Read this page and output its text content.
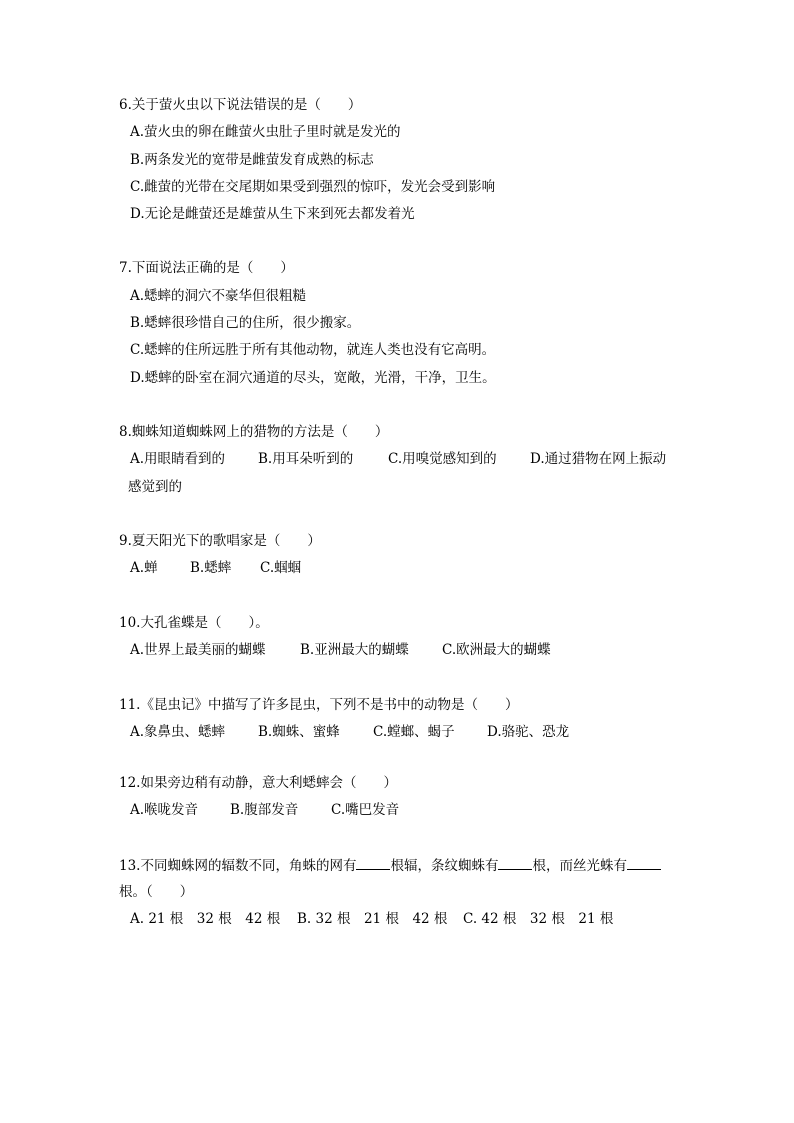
6.关于萤火虫以下说法错误的是（　　）
A.萤火虫的卵在雌萤火虫肚子里时就是发光的
B.两条发光的宽带是雌萤发育成熟的标志
C.雌萤的光带在交尾期如果受到强烈的惊吓，发光会受到影响
D.无论是雌萤还是雄萤从生下来到死去都发着光
7.下面说法正确的是（　　）
A.蟋蟀的洞穴不豪华但很粗糙
B.蟋蟀很珍惜自己的住所，很少搬家。
C.蟋蟀的住所远胜于所有其他动物，就连人类也没有它高明。
D.蟋蟀的卧室在洞穴通道的尽头，宽敞，光滑，干净，卫生。
8.蜘蛛知道蜘蛛网上的猎物的方法是（　　）
A.用眼睛看到的 B.用耳朵听到的	C.用嗅觉感知到的 D.通过猎物在网上振动
感觉到的
9.夏天阳光下的歌唱家是（　　）
A.蝉 B.蟋蟀 C.蝈蝈
10.大孔雀蝶是（　　）。
A.世界上最美丽的蝴蝶	B.亚洲最大的蝴蝶 C.欧洲最大的蝴蝶
11.《昆虫记》中描写了许多昆虫，下列不是书中的动物是（　　）
A.象鼻虫、蟋蟀 B.蜘蛛、蜜蜂 C.螳螂、蝎子 D.骆驼、恐龙
12.如果旁边稍有动静，意大利蟋蟀会（　　）
A.喉咙发音 B.腹部发音 C.嘴巴发音
13.不同蜘蛛网的辐数不同，角蛛的网有	根辐，条纹蜘蛛有	根，而丝光蛛有
根。（　　）
A. 21 根　32 根　42 根 B. 32 根　21 根　42 根 C. 42 根　32 根　21 根
